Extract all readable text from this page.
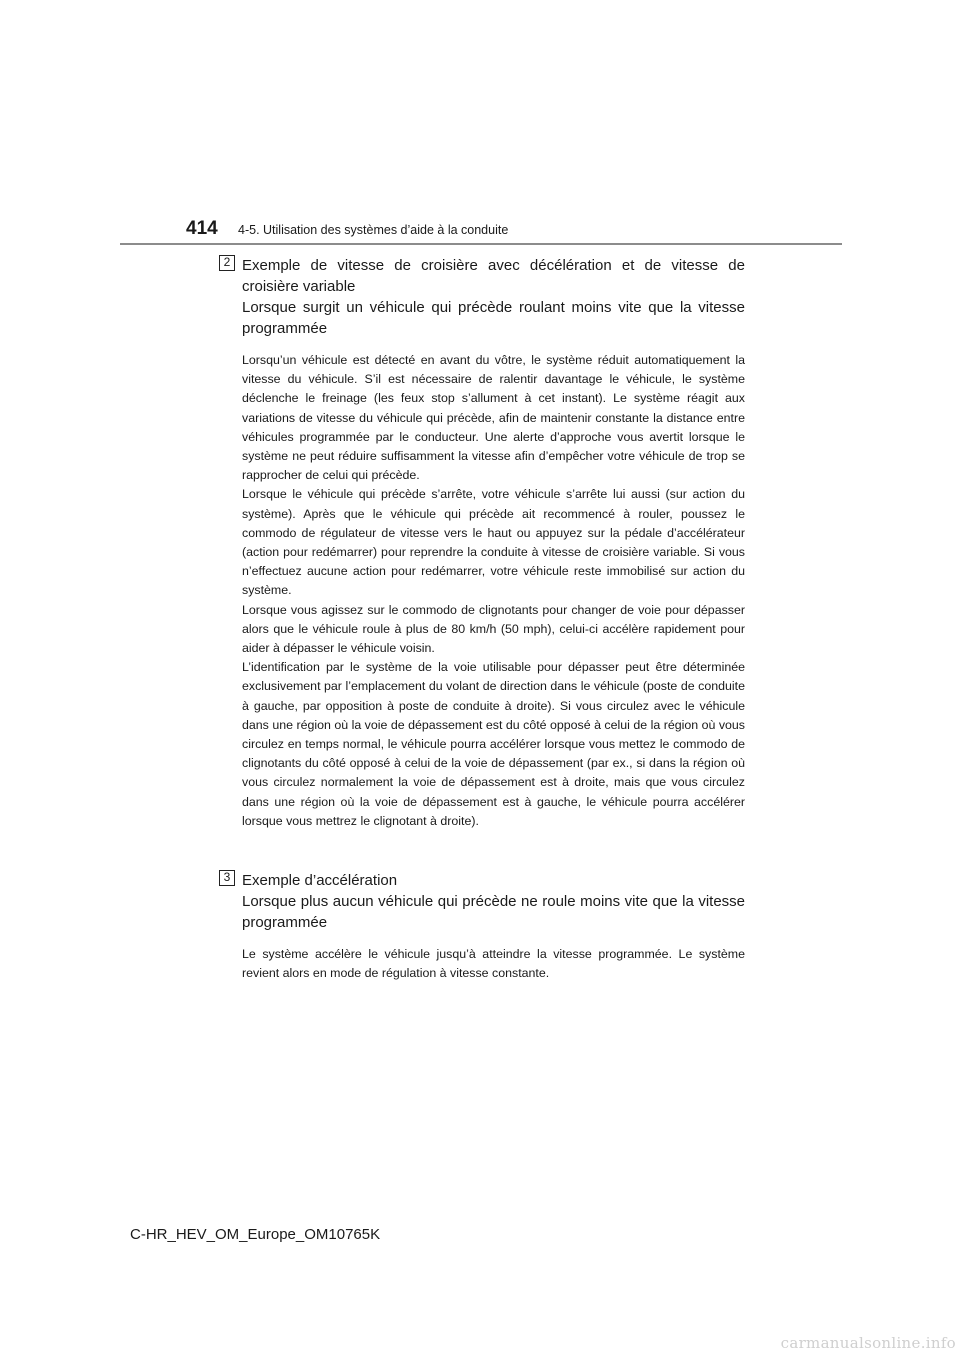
414 4-5. Utilisation des systèmes d’aide à la conduite
2 Exemple de vitesse de croisière avec décélération et de vitesse de croisière variable

Lorsque surgit un véhicule qui précède roulant moins vite que la vitesse programmée

Lorsqu’un véhicule est détecté en avant du vôtre, le système réduit automatiquement la vitesse du véhicule. S’il est nécessaire de ralentir davantage le véhicule, le système déclenche le freinage (les feux stop s’allument à cet instant). Le système réagit aux variations de vitesse du véhicule qui précède, afin de maintenir constante la distance entre véhicules programmée par le conducteur. Une alerte d’approche vous avertit lorsque le système ne peut réduire suffisamment la vitesse afin d’empêcher votre véhicule de trop se rapprocher de celui qui précède.

Lorsque le véhicule qui précède s’arrête, votre véhicule s’arrête lui aussi (sur action du système). Après que le véhicule qui précède ait recommencé à rouler, poussez le commodo de régulateur de vitesse vers le haut ou appuyez sur la pédale d’accélérateur (action pour redémarrer) pour reprendre la conduite à vitesse de croisière variable. Si vous n’effectuez aucune action pour redémarrer, votre véhicule reste immobilisé sur action du système.

Lorsque vous agissez sur le commodo de clignotants pour changer de voie pour dépasser alors que le véhicule roule à plus de 80 km/h (50 mph), celui-ci accélère rapidement pour aider à dépasser le véhicule voisin.

L’identification par le système de la voie utilisable pour dépasser peut être déterminée exclusivement par l’emplacement du volant de direction dans le véhicule (poste de conduite à gauche, par opposition à poste de conduite à droite). Si vous circulez avec le véhicule dans une région où la voie de dépassement est du côté opposé à celui de la région où vous circulez en temps normal, le véhicule pourra accélérer lorsque vous mettez le commodo de clignotants du côté opposé à celui de la voie de dépassement (par ex., si dans la région où vous circulez normalement la voie de dépassement est à droite, mais que vous circulez dans une région où la voie de dépassement est à gauche, le véhicule pourra accélérer lorsque vous mettrez le clignotant à droite).

3 Exemple d’accélération

Lorsque plus aucun véhicule qui précède ne roule moins vite que la vitesse programmée

Le système accélère le véhicule jusqu’à atteindre la vitesse programmée. Le système revient alors en mode de régulation à vitesse constante.

C-HR_HEV_OM_Europe_OM10765K
carmanualsonline.info
